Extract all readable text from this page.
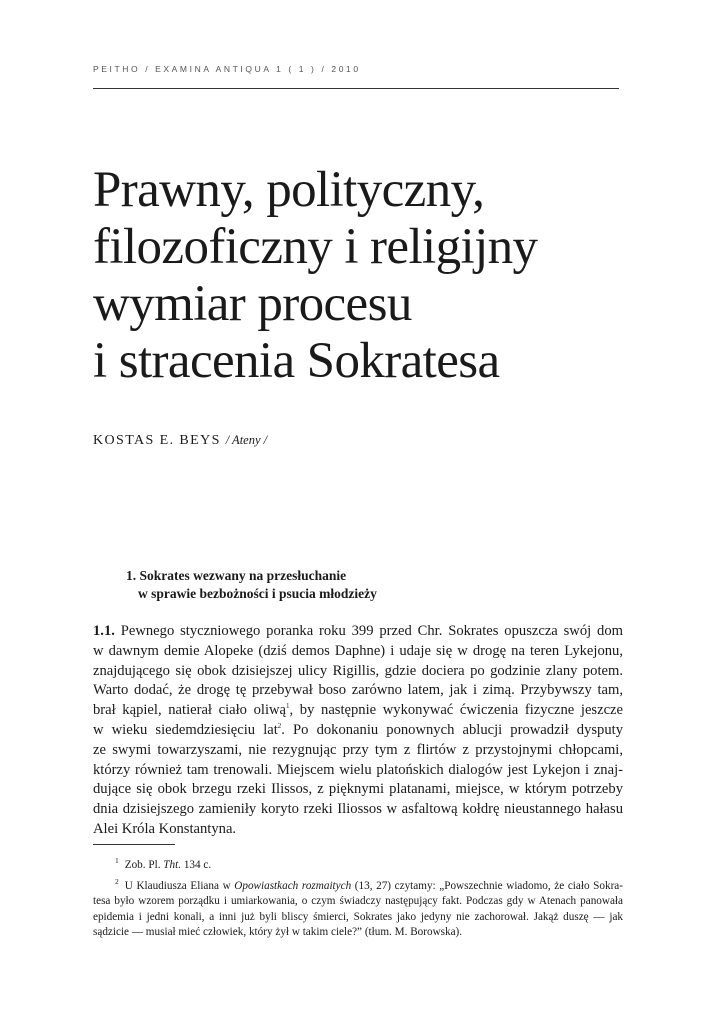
PEITHO / EXAMINA ANTIQUA 1 ( 1 ) / 2010
Prawny, polityczny,
filozoficzny i religijny
wymiar procesu
i stracenia Sokratesa
KOSTAS E. BEYS / Ateny /
1. Sokrates wezwany na przesłuchanie
w sprawie bezbożności i psucia młodzieży
1.1. Pewnego styczniowego poranka roku 399 przed Chr. Sokrates opuszcza swój dom
w dawnym demie Alopeke (dziś demos Daphne) i udaje się w drogę na teren Lykejonu,
znajdującego się obok dzisiejszej ulicy Rigillis, gdzie dociera po godzinie zlany potem.
Warto dodać, że drogę tę przebywał boso zarówno latem, jak i zimą. Przybywszy tam,
brał kąpiel, natierał ciało oliwą$^1$, by następnie wykonywać ćwiczenia fizyczne jeszcze
w wieku siedemdziesięciu lat$^2$. Po dokonaniu ponownych ablucji prowadził dysputy
ze swymi towarzyszami, nie rezygnując przy tym z flirtów z przystojnymi chłopcami,
którzy również tam trenowali. Miejscem wielu platońskich dialogów jest Lykejon i znaj-
dujące się obok brzegu rzeki Ilissos, z pięknymi platanami, miejsce, w którym potrzeby
dnia dzisiejszego zamieniły koryto rzeki Iliossos w asfaltową kołdrę nieustannego hałasu
Alei Króla Konstantyna.
$^1$ Zob. Pl. Tht. 134 c.
$^2$ U Klaudiusza Eliana w Opowiastkach rozmaitych (13, 27) czytamy: „Powszechnie wiadomo, że ciało Sokra-
tesa było wzorem porządku i umiarkowania, o czym świadczy następujący fakt. Podczas gdy w Atenach panowała
epidemia i jedni konali, a inni już byli bliscy śmierci, Sokrates jako jedyny nie zachorował. Jakąż duszę — jak
sądzicie — musiał mieć człowiek, który żył w takim ciele?” (tłum. M. Borowska).
